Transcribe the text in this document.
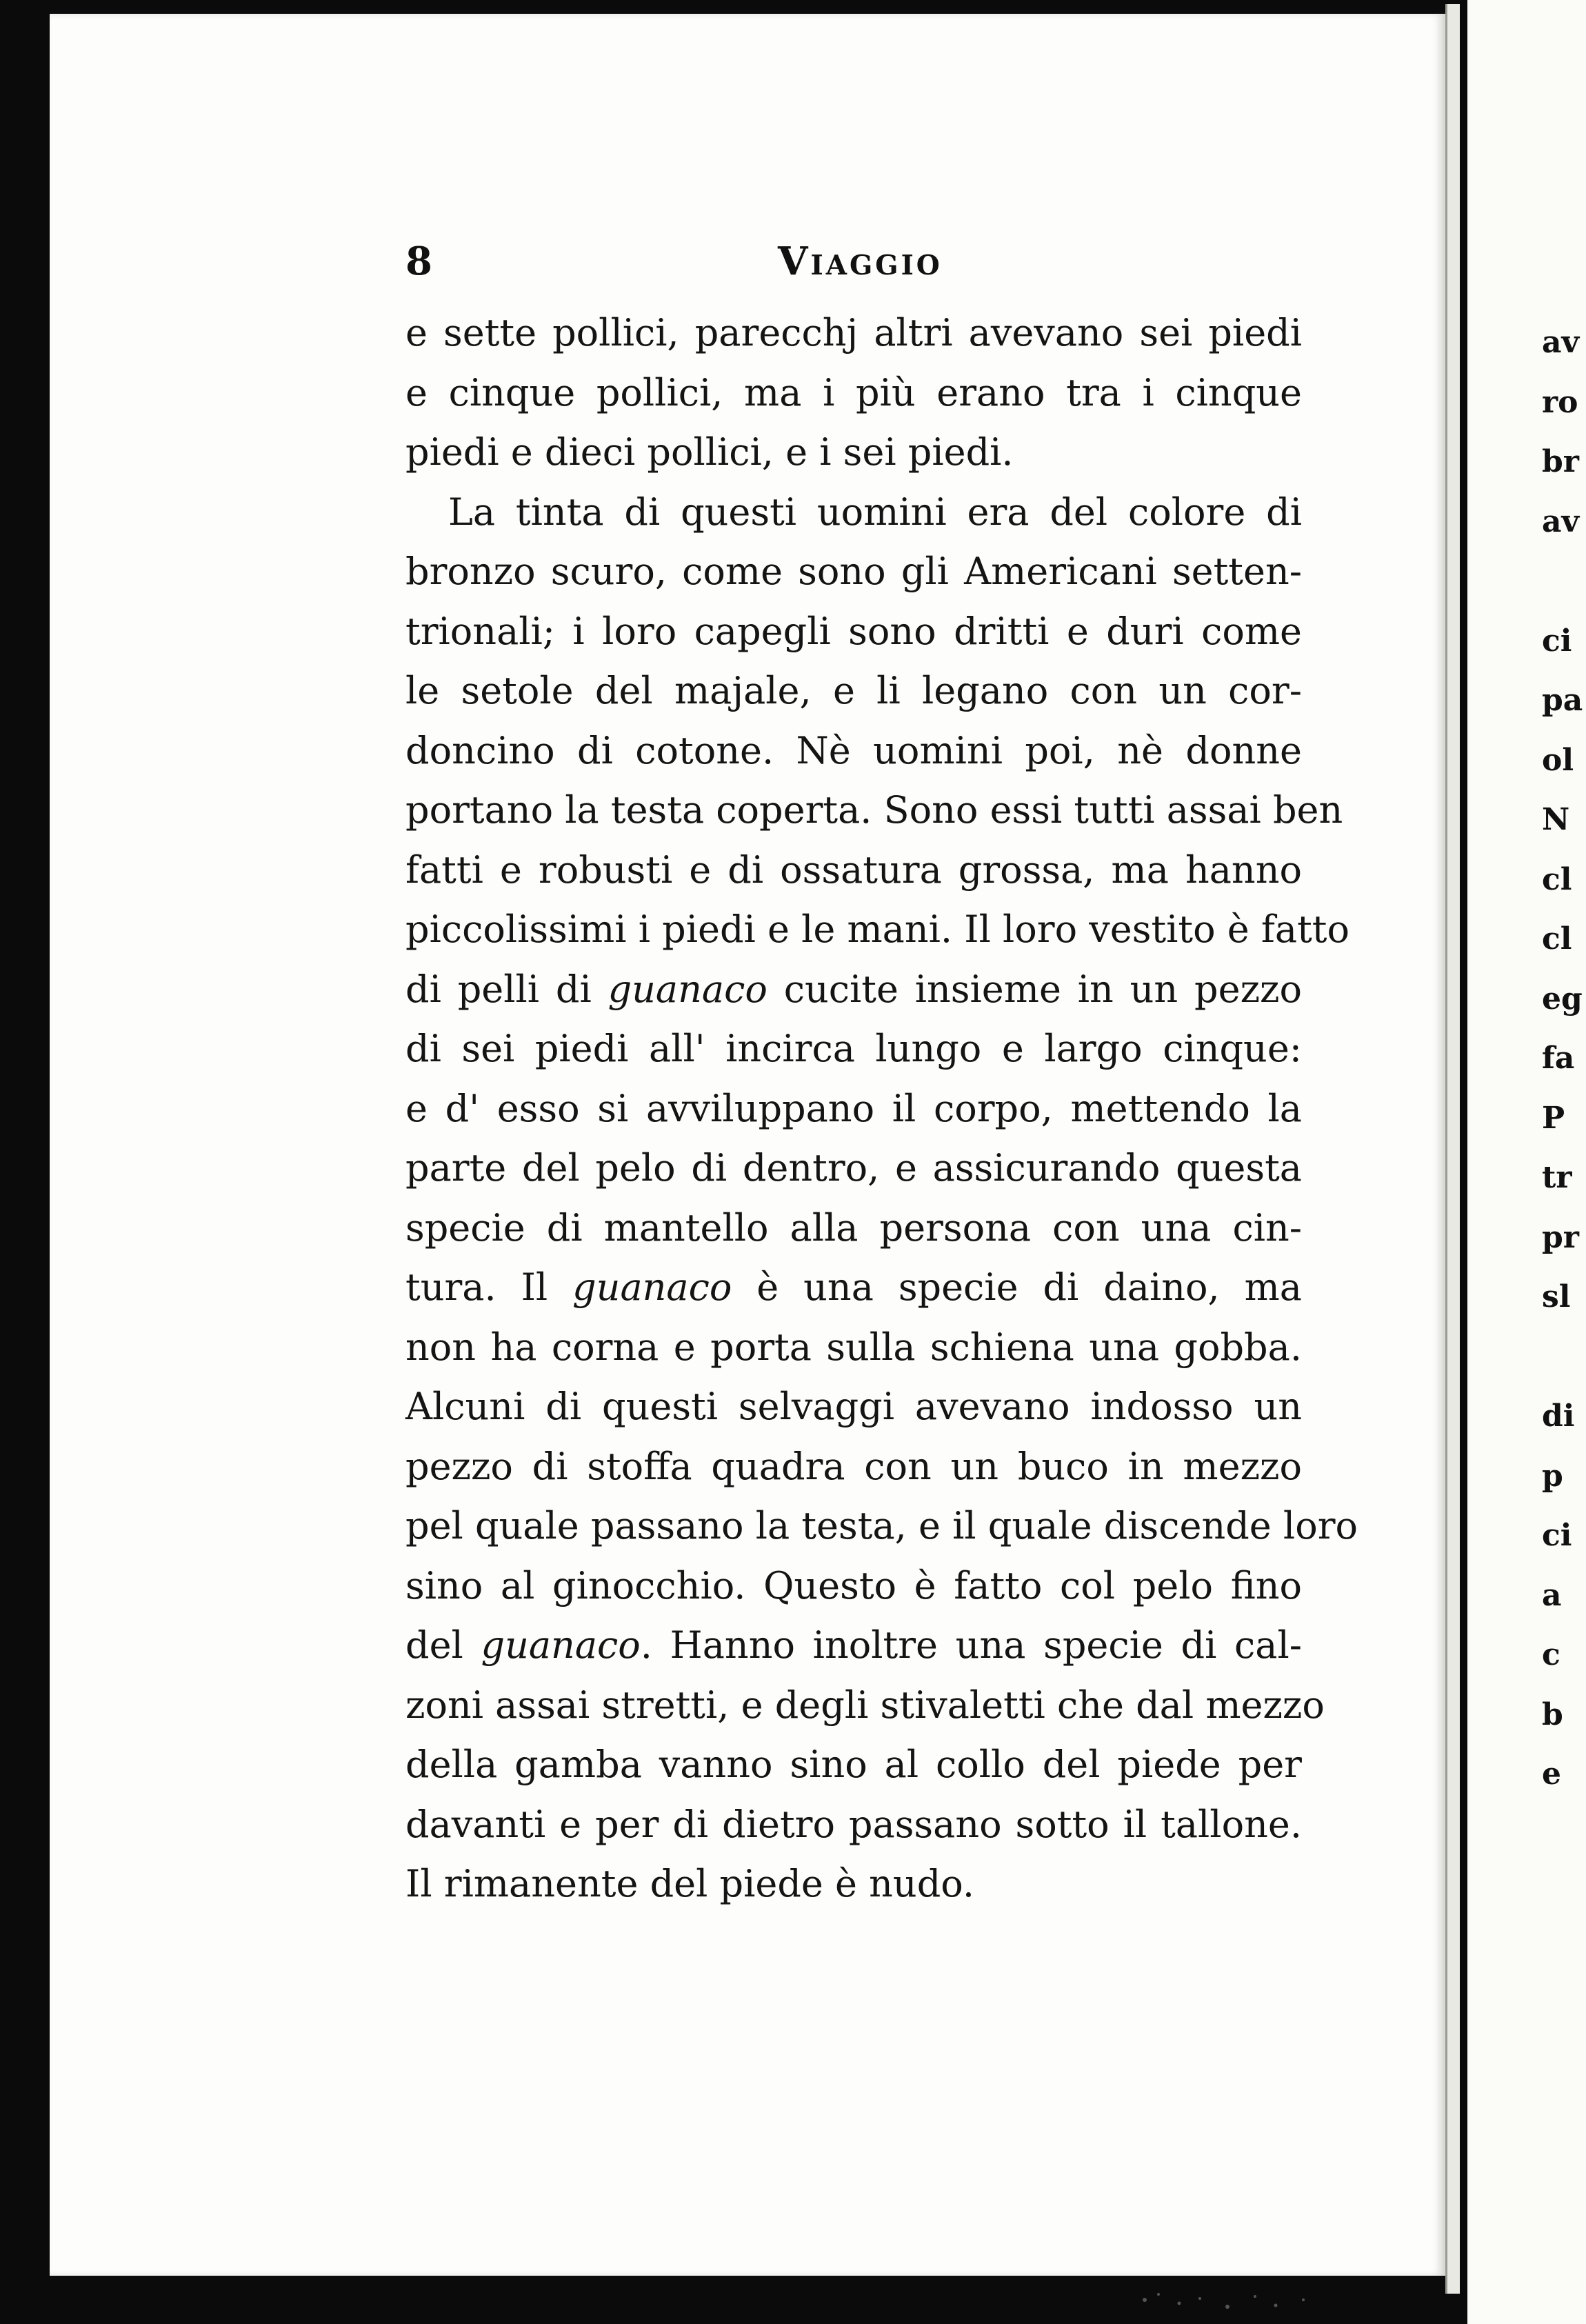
av
ro
br
av
ci
pa
ol
N
cl
cl
eg
fa
P
tr
pr
sl
di
p
ci
a
c
b
e
8	Viaggio
e sette pollici, parecchj altri avevano sei piedi
e cinque pollici, ma i più erano tra i cinque
piedi e dieci pollici, e i sei piedi.
La tinta di questi uomini era del colore di
bronzo scuro, come sono gli Americani setten-
trionali; i loro capegli sono dritti e duri come
le setole del majale, e li legano con un cor-
doncino di cotone. Nè uomini poi, nè donne
portano la testa coperta. Sono essi tutti assai ben
fatti e robusti e di ossatura grossa, ma hanno
piccolissimi i piedi e le mani. Il loro vestito è fatto
di pelli di guanaco cucite insieme in un pezzo
di sei piedi all' incirca lungo e largo cinque:
e d' esso si avviluppano il corpo, mettendo la
parte del pelo di dentro, e assicurando questa
specie di mantello alla persona con una cin-
tura. Il guanaco è una specie di daino, ma
non ha corna e porta sulla schiena una gobba.
Alcuni di questi selvaggi avevano indosso un
pezzo di stoffa quadra con un buco in mezzo
pel quale passano la testa, e il quale discende loro
sino al ginocchio. Questo è fatto col pelo fino
del guanaco. Hanno inoltre una specie di cal-
zoni assai stretti, e degli stivaletti che dal mezzo
della gamba vanno sino al collo del piede per
davanti e per di dietro passano sotto il tallone.
Il rimanente del piede è nudo.
